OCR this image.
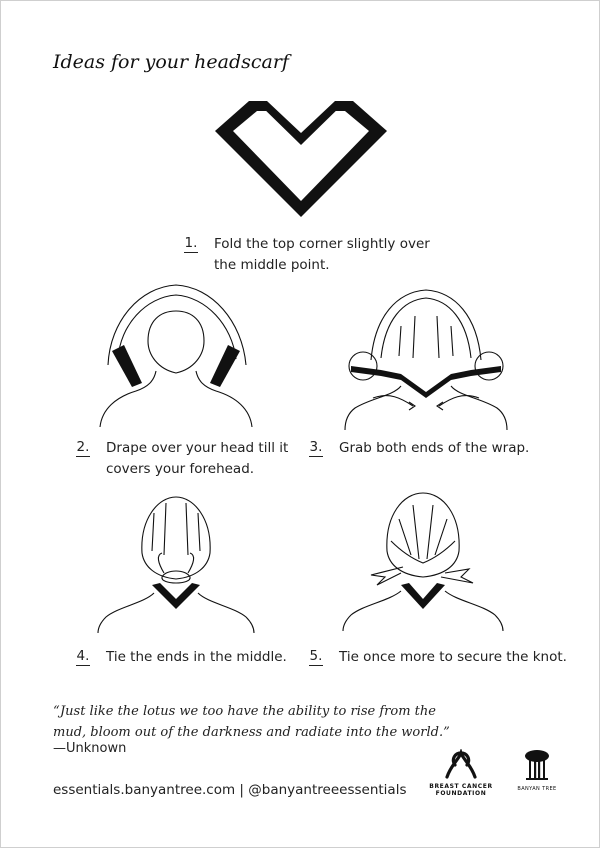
Ideas for your headscarf
1. Fold the top corner slightly over
the middle point.
2. Drape over your head till it
covers your forehead.
3. Grab both ends of the wrap.
4. Tie the ends in the middle. 5. Tie once more to secure the knot.
“Just like the lotus we too have the ability to rise from the
mud, bloom out of the darkness and radiate into the world.”
—Unknown
essentials.banyantree.com | @banyantreeessentials	BREAST CANCER
FOUNDATION
BANYAN TREE
